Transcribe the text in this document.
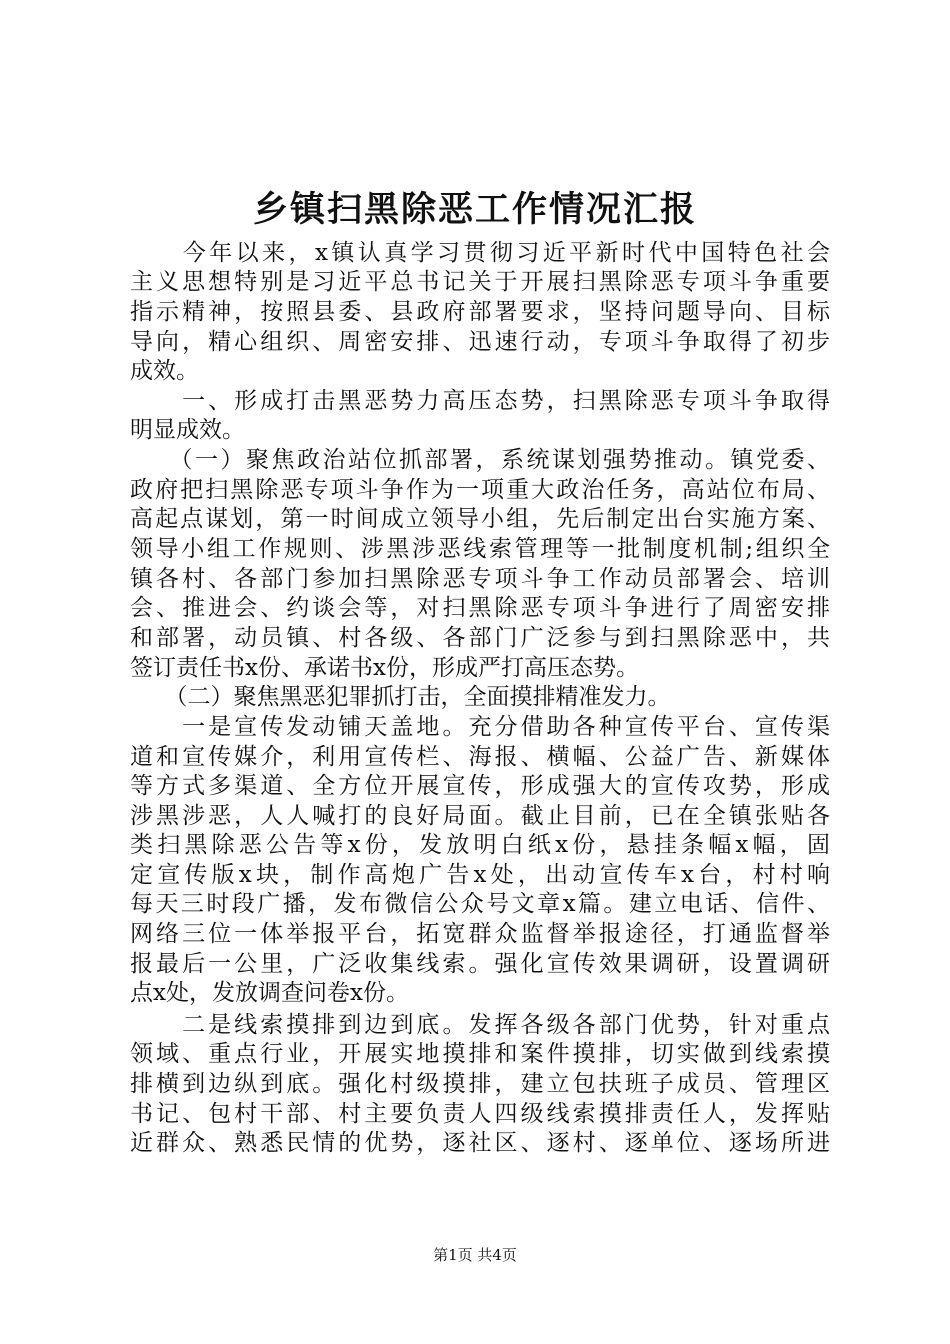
乡镇扫黑除恶工作情况汇报
　　今年以来，x镇认真学习贯彻习近平新时代中国特色社会
主义思想特别是习近平总书记关于开展扫黑除恶专项斗争重要
指示精神，按照县委、县政府部署要求，坚持问题导向、目标
导向，精心组织、周密安排、迅速行动，专项斗争取得了初步
成效。
　　一、形成打击黑恶势力高压态势，扫黑除恶专项斗争取得
明显成效。
　　（一）聚焦政治站位抓部署，系统谋划强势推动。镇党委、
政府把扫黑除恶专项斗争作为一项重大政治任务，高站位布局、
高起点谋划，第一时间成立领导小组，先后制定出台实施方案、
领导小组工作规则、涉黑涉恶线索管理等一批制度机制;组织全
镇各村、各部门参加扫黑除恶专项斗争工作动员部署会、培训
会、推进会、约谈会等，对扫黑除恶专项斗争进行了周密安排
和部署，动员镇、村各级、各部门广泛参与到扫黑除恶中，共
签订责任书x份、承诺书x份，形成严打高压态势。
　　（二）聚焦黑恶犯罪抓打击，全面摸排精准发力。
　　一是宣传发动铺天盖地。充分借助各种宣传平台、宣传渠
道和宣传媒介，利用宣传栏、海报、横幅、公益广告、新媒体
等方式多渠道、全方位开展宣传，形成强大的宣传攻势，形成
涉黑涉恶，人人喊打的良好局面。截止目前，已在全镇张贴各
类扫黑除恶公告等x份，发放明白纸x份，悬挂条幅x幅，固
定宣传版x块，制作高炮广告x处，出动宣传车x台，村村响
每天三时段广播，发布微信公众号文章x篇。建立电话、信件、
网络三位一体举报平台，拓宽群众监督举报途径，打通监督举
报最后一公里，广泛收集线索。强化宣传效果调研，设置调研
点x处，发放调查问卷x份。
　　二是线索摸排到边到底。发挥各级各部门优势，针对重点
领域、重点行业，开展实地摸排和案件摸排，切实做到线索摸
排横到边纵到底。强化村级摸排，建立包扶班子成员、管理区
书记、包村干部、村主要负责人四级线索摸排责任人，发挥贴
近群众、熟悉民情的优势，逐社区、逐村、逐单位、逐场所进
第1页 共4页
